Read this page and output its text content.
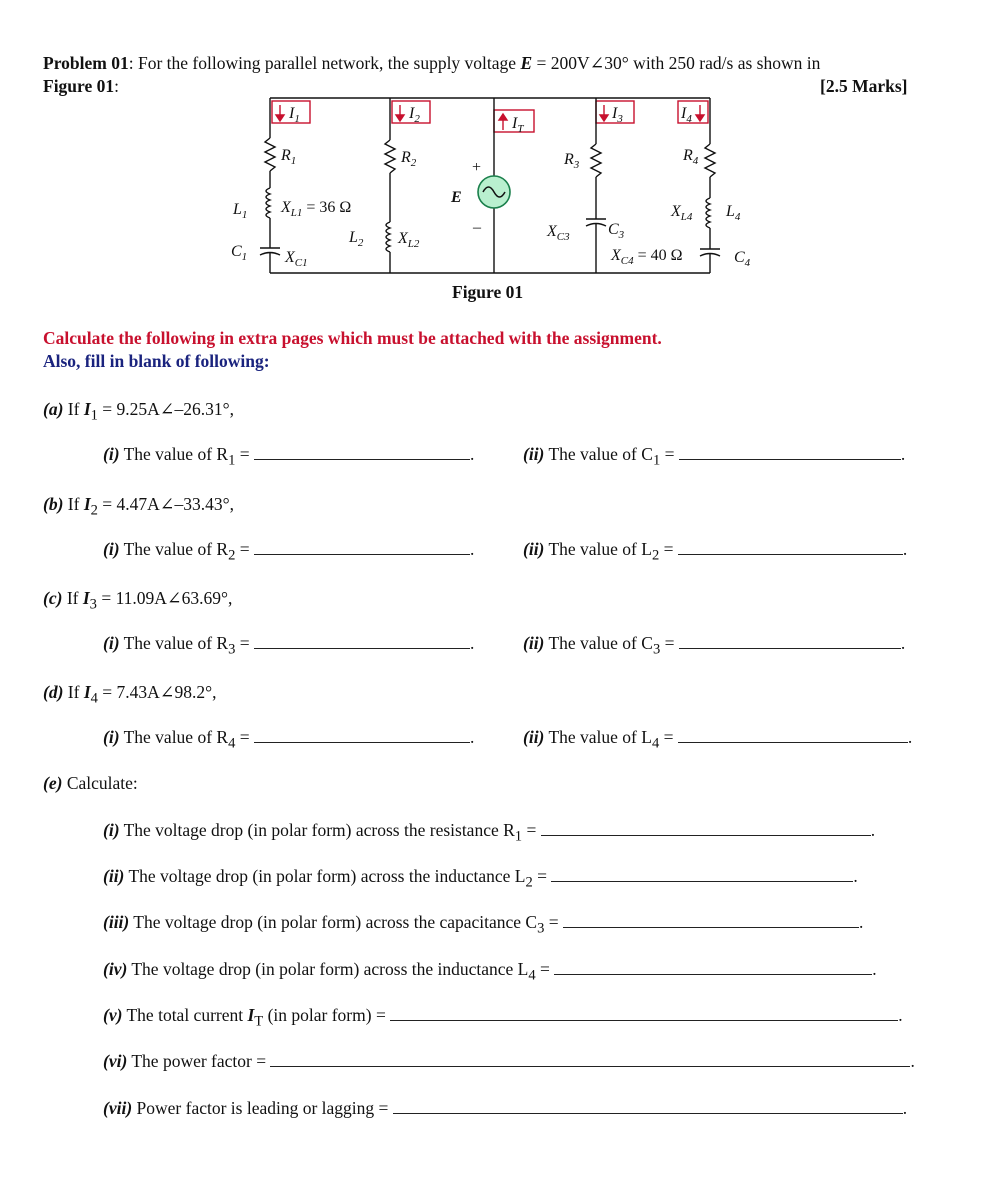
Problem 01: For the following parallel network, the supply voltage E = 200V∠30° with 250 rad/s as shown in
Figure 01:	[2.5 Marks]
$I_1$	$I_2$	$I_T$
$I_3$	$I_4$
$R_1$	$R_2$	$R_3$
$R_4$
$L_1$ $X_{L1} = 36$ Ω
$L_2$ $X_{L2}$
$C_1$ $X_{C1}$
+
E
–	$X_{C3}$ $C_3$
$X_{L4}$ $L_4$
$X_{C4} = 40$ Ω	$C_4$
Figure 01
Calculate the following in extra pages which must be attached with the assignment.
Also, fill in blank of following:
(a) If $I_1$ = 9.25A∠–26.31°,
(i) The value of $R_1$ =	.	(ii) The value of $C_1$ =	.
(b) If $I_2$ = 4.47A∠–33.43°,
(i) The value of $R_2$ =	.	(ii) The value of $L_2$ =	.
(c) If $I_3$ = 11.09A∠63.69°,
(i) The value of $R_3$ =	.	(ii) The value of $C_3$ =	.
(d) If $I_4$ = 7.43A∠98.2°,
(i) The value of $R_4$ =	.	(ii) The value of $L_4$ =	.
(e) Calculate:
(i) The voltage drop (in polar form) across the resistance $R_1$ =	.
(ii) The voltage drop (in polar form) across the inductance $L_2$ =	.
(iii) The voltage drop (in polar form) across the capacitance $C_3$ =	.
(iv) The voltage drop (in polar form) across the inductance $L_4$ =	.
(v) The total current $I_T$ (in polar form) =	.
(vi) The power factor =	.
(vii) Power factor is leading or lagging =	.
